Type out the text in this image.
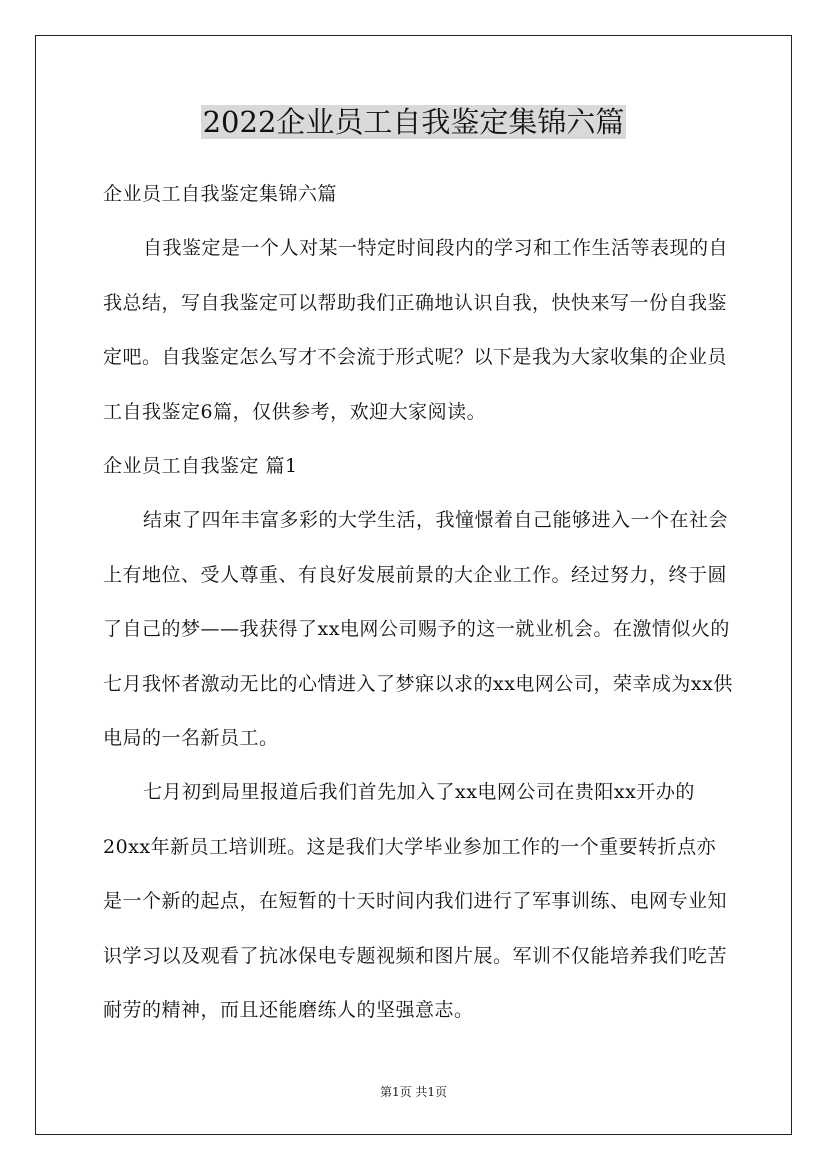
2022企业员工自我鉴定集锦六篇

企业员工自我鉴定集锦六篇

自我鉴定是一个人对某一特定时间段内的学习和工作生活等表现的自我总结，写自我鉴定可以帮助我们正确地认识自我，快快来写一份自我鉴定吧。自我鉴定怎么写才不会流于形式呢？以下是我为大家收集的企业员工自我鉴定6篇，仅供参考，欢迎大家阅读。

企业员工自我鉴定 篇1

结束了四年丰富多彩的大学生活，我憧憬着自己能够进入一个在社会上有地位、受人尊重、有良好发展前景的大企业工作。经过努力，终于圆了自己的梦——我获得了xx电网公司赐予的这一就业机会。在激情似火的七月我怀者激动无比的心情进入了梦寐以求的xx电网公司，荣幸成为xx供电局的一名新员工。

七月初到局里报道后我们首先加入了xx电网公司在贵阳xx开办的20xx年新员工培训班。这是我们大学毕业参加工作的一个重要转折点亦是一个新的起点，在短暂的十天时间内我们进行了军事训练、电网专业知识学习以及观看了抗冰保电专题视频和图片展。军训不仅能培养我们吃苦耐劳的精神，而且还能磨练人的坚强意志。

第1页 共1页
